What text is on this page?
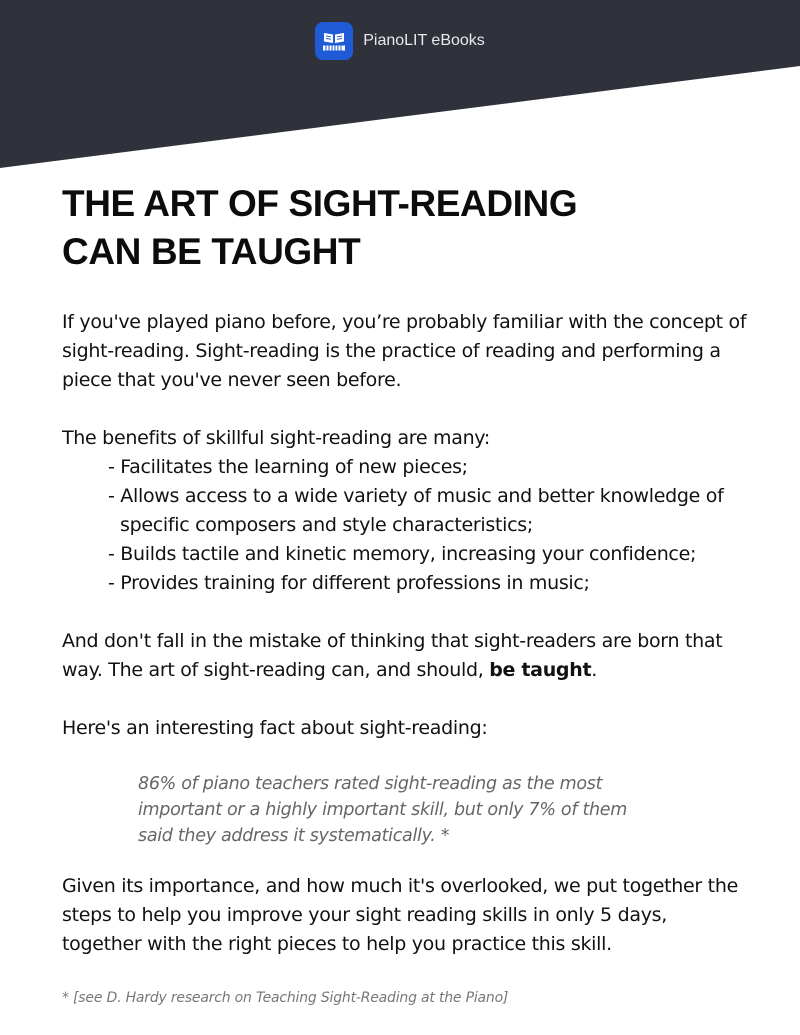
PianoLIT eBooks
THE ART OF SIGHT-READING
CAN BE TAUGHT

If you've played piano before, you’re probably familiar with the concept of sight-reading. Sight-reading is the practice of reading and performing a piece that you've never seen before.

The benefits of skillful sight-reading are many:

- Facilitates the learning of new pieces;
- Allows access to a wide variety of music and better knowledge of specific composers and style characteristics;
- Builds tactile and kinetic memory, increasing your confidence;
- Provides training for different professions in music;

And don't fall in the mistake of thinking that sight-readers are born that way. The art of sight-reading can, and should, be taught.

Here's an interesting fact about sight-reading:

86% of piano teachers rated sight-reading as the most important or a highly important skill, but only 7% of them said they address it systematically. *

Given its importance, and how much it's overlooked, we put together the steps to help you improve your sight reading skills in only 5 days, together with the right pieces to help you practice this skill.

* [see D. Hardy research on Teaching Sight-Reading at the Piano]
